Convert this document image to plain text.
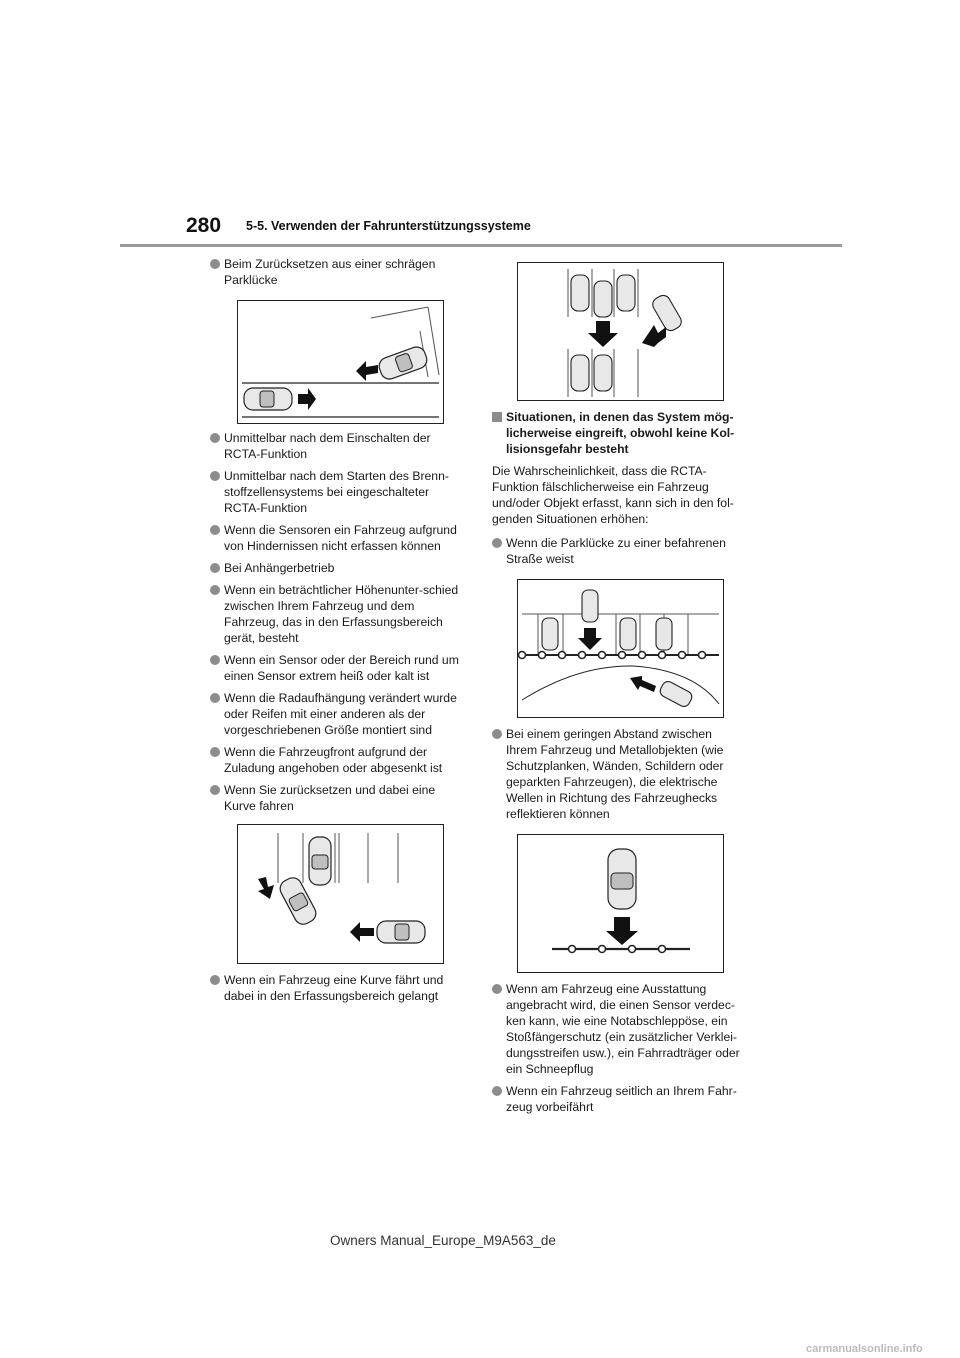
280 5-5. Verwenden der Fahrunterstützungssysteme

Beim Zurücksetzen aus einer schrägen Parklücke

Unmittelbar nach dem Einschalten der RCTA-Funktion

Unmittelbar nach dem Starten des Brenn-stoffzellensystems bei eingeschalteter RCTA-Funktion

Wenn die Sensoren ein Fahrzeug aufgrund von Hindernissen nicht erfassen können

Bei Anhängerbetrieb

Wenn ein beträchtlicher Höhenunter-schied zwischen Ihrem Fahrzeug und dem Fahrzeug, das in den Erfassungsbereich gerät, besteht

Wenn ein Sensor oder der Bereich rund um einen Sensor extrem heiß oder kalt ist

Wenn die Radaufhängung verändert wurde oder Reifen mit einer anderen als der vorgeschriebenen Größe montiert sind

Wenn die Fahrzeugfront aufgrund der Zuladung angehoben oder abgesenkt ist

Wenn Sie zurücksetzen und dabei eine Kurve fahren

Wenn ein Fahrzeug eine Kurve fährt und dabei in den Erfassungsbereich gelangt

Situationen, in denen das System mög-licherweise eingreift, obwohl keine Kol-lisionsgefahr besteht

Die Wahrscheinlichkeit, dass die RCTA-Funktion fälschlicherweise ein Fahrzeug und/oder Objekt erfasst, kann sich in den fol-genden Situationen erhöhen:

Wenn die Parklücke zu einer befahrenen Straße weist

Bei einem geringen Abstand zwischen Ihrem Fahrzeug und Metallobjekten (wie Schutzplanken, Wänden, Schildern oder geparkten Fahrzeugen), die elektrische Wellen in Richtung des Fahrzeughecks reflektieren können

Wenn am Fahrzeug eine Ausstattung angebracht wird, die einen Sensor verdec-ken kann, wie eine Notabschleppöse, ein Stoßfängerschutz (ein zusätzlicher Verklei-dungsstreifen usw.), ein Fahrradträger oder ein Schneepflug

Wenn ein Fahrzeug seitlich an Ihrem Fahr-zeug vorbeifährt

Owners Manual_Europe_M9A563_de
carmanualsonline.info
